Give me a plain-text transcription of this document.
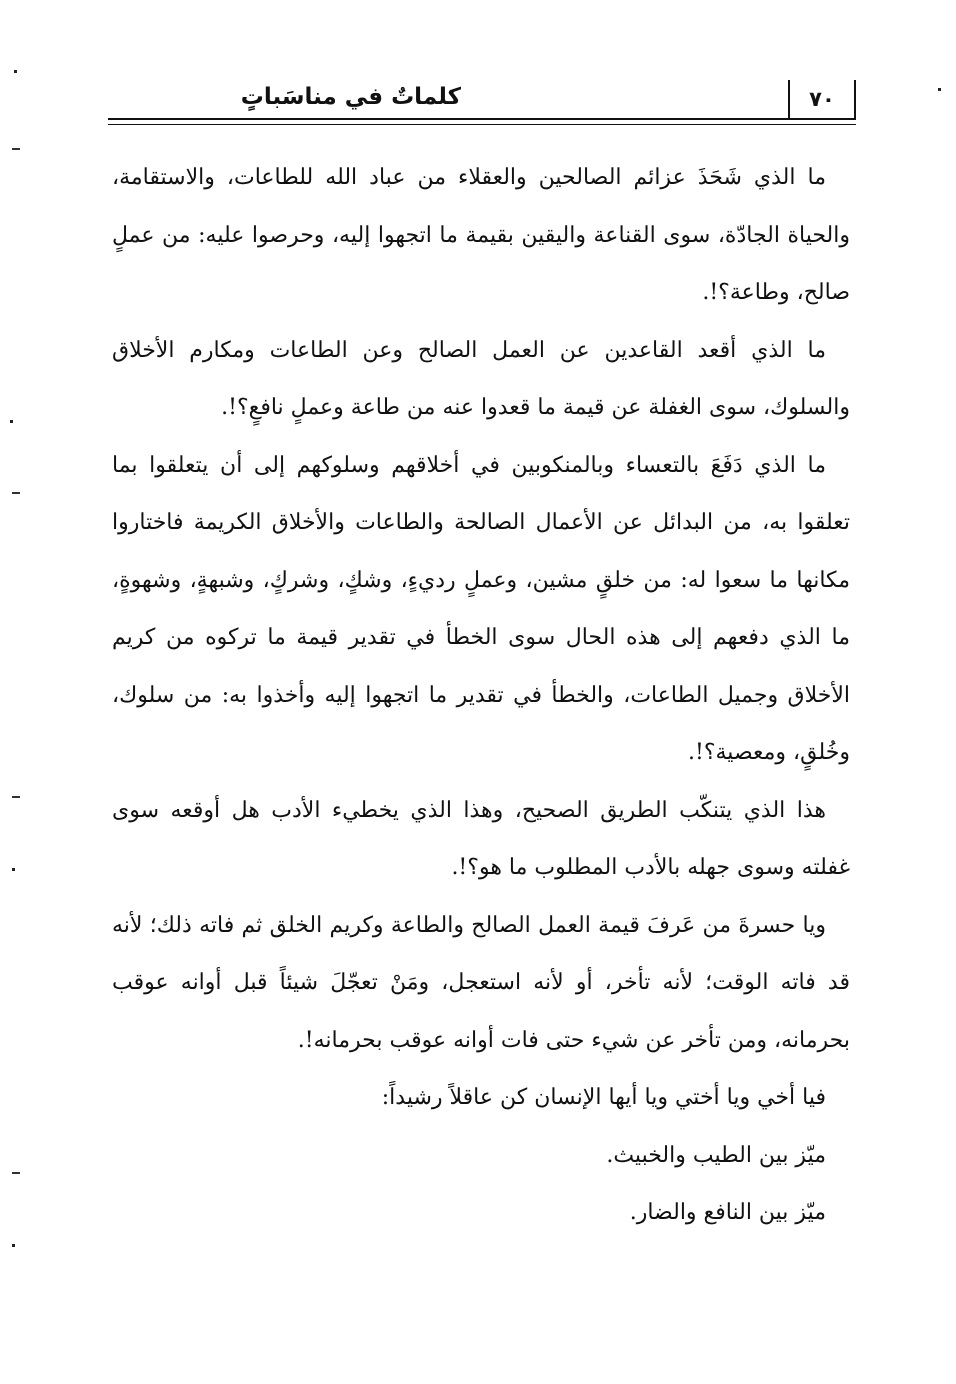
٧٠
كلماتٌ في مناسَباتٍ

ما الذي شَحَذَ عزائم الصالحين والعقلاء من عباد الله للطاعات، والاستقامة، والحياة الجادّة، سوى القناعة واليقين بقيمة ما اتجهوا إليه، وحرصوا عليه: من عملٍ صالح، وطاعة؟!.

ما الذي أقعد القاعدين عن العمل الصالح وعن الطاعات ومكارم الأخلاق والسلوك، سوى الغفلة عن قيمة ما قعدوا عنه من طاعة وعملٍ نافعٍ؟!.

ما الذي دَفَعَ بالتعساء وبالمنكوبين في أخلاقهم وسلوكهم إلى أن يتعلقوا بما تعلقوا به، من البدائل عن الأعمال الصالحة والطاعات والأخلاق الكريمة فاختاروا مكانها ما سعوا له: من خلقٍ مشين، وعملٍ رديءٍ، وشكٍ، وشركٍ، وشبهةٍ، وشهوةٍ، ما الذي دفعهم إلى هذه الحال سوى الخطأ في تقدير قيمة ما تركوه من كريم الأخلاق وجميل الطاعات، والخطأ في تقدير ما اتجهوا إليه وأخذوا به: من سلوك، وخُلقٍ، ومعصية؟!.

هذا الذي يتنكّب الطريق الصحيح، وهذا الذي يخطيء الأدب هل أوقعه سوى غفلته وسوى جهله بالأدب المطلوب ما هو؟!.

ويا حسرةَ من عَرفَ قيمة العمل الصالح والطاعة وكريم الخلق ثم فاته ذلك؛ لأنه قد فاته الوقت؛ لأنه تأخر، أو لأنه استعجل، ومَنْ تعجّلَ شيئاً قبل أوانه عوقب بحرمانه، ومن تأخر عن شيء حتى فات أوانه عوقب بحرمانه!.

فيا أخي ويا أختي ويا أيها الإنسان كن عاقلاً رشيداً:

ميّز بين الطيب والخبيث.

ميّز بين النافع والضار.
